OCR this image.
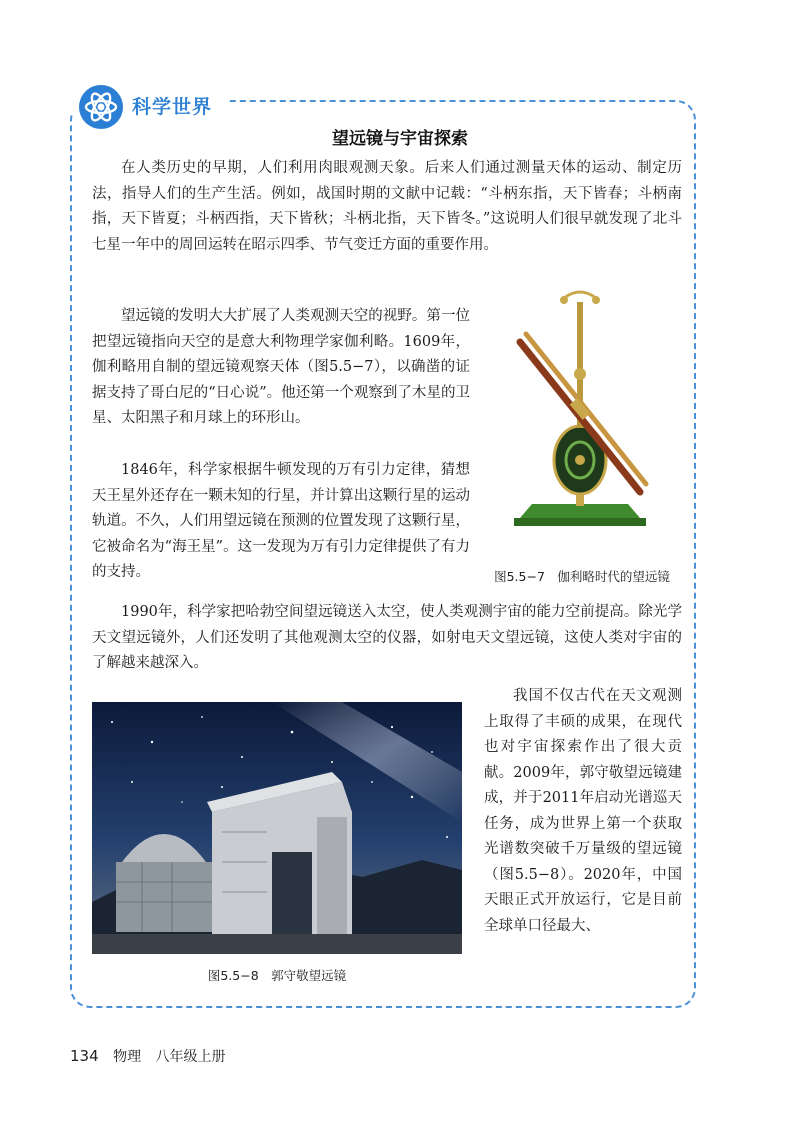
科学世界
望远镜与宇宙探索

在人类历史的早期，人们利用肉眼观测天象。后来人们通过测量天体的运动、制定历法，指导人们的生产生活。例如，战国时期的文献中记载：“斗柄东指，天下皆春；斗柄南指，天下皆夏；斗柄西指，天下皆秋；斗柄北指，天下皆冬。”这说明人们很早就发现了北斗七星一年中的周回运转在昭示四季、节气变迁方面的重要作用。

望远镜的发明大大扩展了人类观测天空的视野。第一位把望远镜指向天空的是意大利物理学家伽利略。1609年，伽利略用自制的望远镜观察天体（图5.5−7），以确凿的证据支持了哥白尼的“日心说”。他还第一个观察到了木星的卫星、太阳黑子和月球上的环形山。

1846年，科学家根据牛顿发现的万有引力定律，猜想天王星外还存在一颗未知的行星，并计算出这颗行星的运动轨道。不久，人们用望远镜在预测的位置发现了这颗行星，它被命名为“海王星”。这一发现为万有引力定律提供了有力的支持。

1990年，科学家把哈勃空间望远镜送入太空，使人类观测宇宙的能力空前提高。除光学天文望远镜外，人们还发明了其他观测太空的仪器，如射电天文望远镜，这使人类对宇宙的了解越来越深入。

我国不仅古代在天文观测上取得了丰硕的成果，在现代也对宇宙探索作出了很大贡献。2009年，郭守敬望远镜建成，并于2011年启动光谱巡天任务，成为世界上第一个获取光谱数突破千万量级的望远镜（图5.5−8）。2020年，中国天眼正式开放运行，它是目前全球单口径最大、

图5.5−7　伽利略时代的望远镜
图5.5−8　郭守敬望远镜
134 物理 八年级上册
